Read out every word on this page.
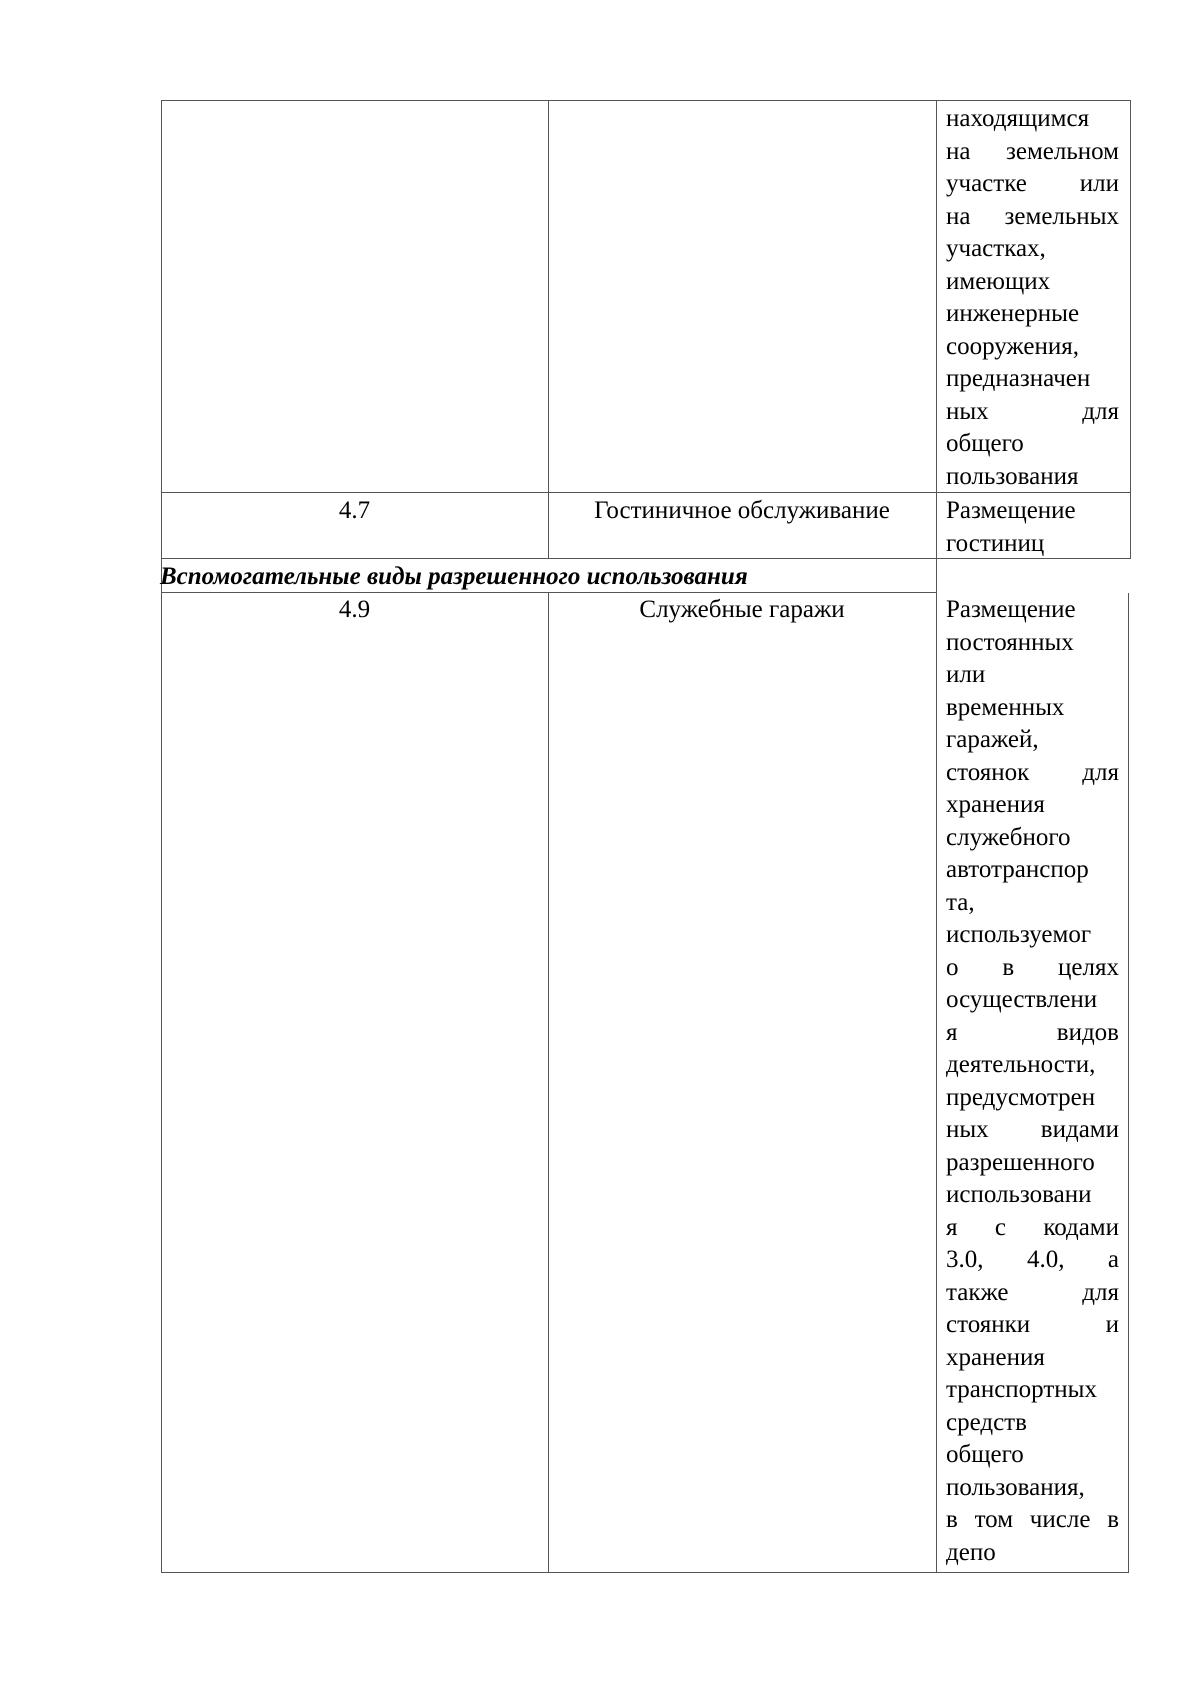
находящимся
на земельном
участке или
на земельных
участках,
имеющих
инженерные
сооружения,
предназначен
ных	для
общего
пользования
4.7	Гостиничное обслуживание	Размещение
гостиниц
Вспомогательные виды разрешенного использования
4.9	Служебные гаражи	Размещение
постоянных
или
временных
гаражей,
стоянок для
хранения
служебного
автотранспор
та,
используемог
о в целях
осуществлени
я	видов
деятельности,
предусмотрен
ных видами
разрешенного
использовани
я с кодами
3.0, 4.0, а
также	для
стоянки	и
хранения
транспортных
средств
общего
пользования,
в том числе в
депо
